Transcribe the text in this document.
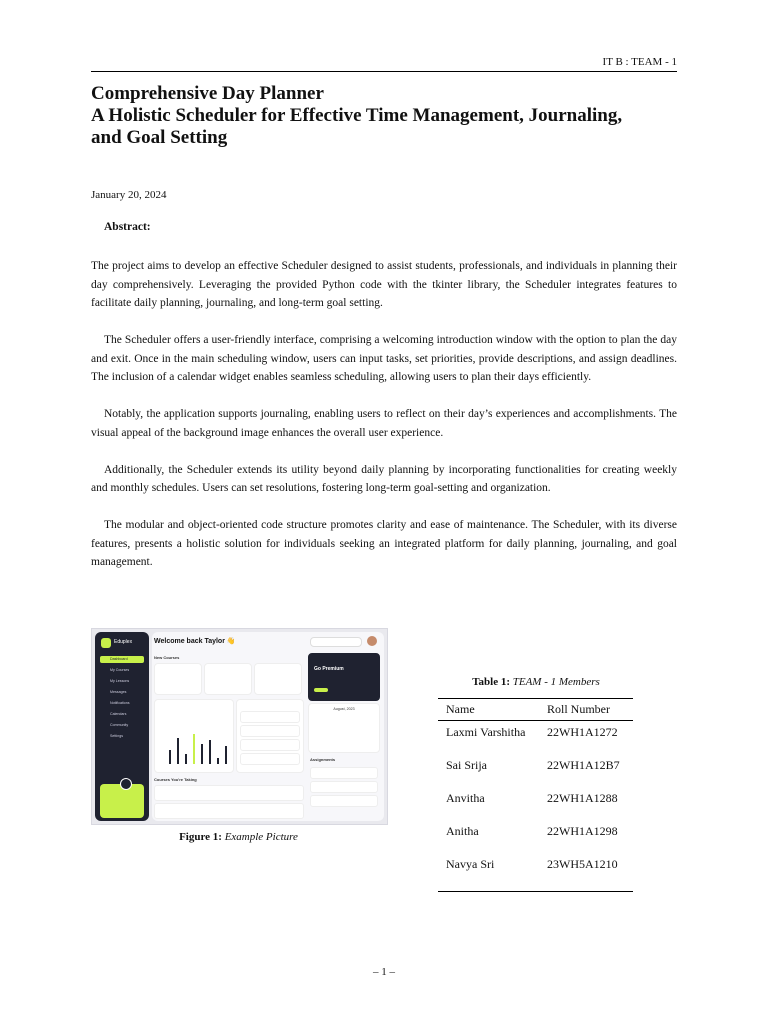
IT B : TEAM - 1
Comprehensive Day Planner
A Holistic Scheduler for Effective Time Management, Journaling,
and Goal Setting
January 20, 2024
Abstract:

The project aims to develop an effective Scheduler designed to assist students, professionals, and individuals in planning their day comprehensively. Leveraging the provided Python code with the tkinter library, the Scheduler integrates features to facilitate daily planning, journaling, and long-term goal setting.

The Scheduler offers a user-friendly interface, comprising a welcoming introduction window with the option to plan the day and exit. Once in the main scheduling window, users can input tasks, set priorities, provide descriptions, and assign deadlines. The inclusion of a calendar widget enables seamless scheduling, allowing users to plan their days efficiently.

Notably, the application supports journaling, enabling users to reflect on their day’s experiences and accomplishments. The visual appeal of the background image enhances the overall user experience.

Additionally, the Scheduler extends its utility beyond daily planning by incorporating functionalities for creating weekly and monthly schedules. Users can set resolutions, fostering long-term goal-setting and organization.

The modular and object-oriented code structure promotes clarity and ease of maintenance. The Scheduler, with its diverse features, presents a holistic solution for individuals seeking an integrated platform for daily planning, journaling, and goal management.

Eduplex
Dashboard
My Courses
My Lessons
Messages
Notifications
Calendars
Community
Settings
Welcome back Taylor 👋
New Courses
Go Premium
August, 2023
Assignments
Courses You're Taking
Figure 1: Example Picture
Table 1: TEAM - 1 Members
Name	Roll Number
Laxmi Varshitha 22WH1A1272
Sai Srija	22WH1A12B7
Anvitha	22WH1A1288
Anitha	22WH1A1298
Navya Sri	23WH5A1210
– 1 –
